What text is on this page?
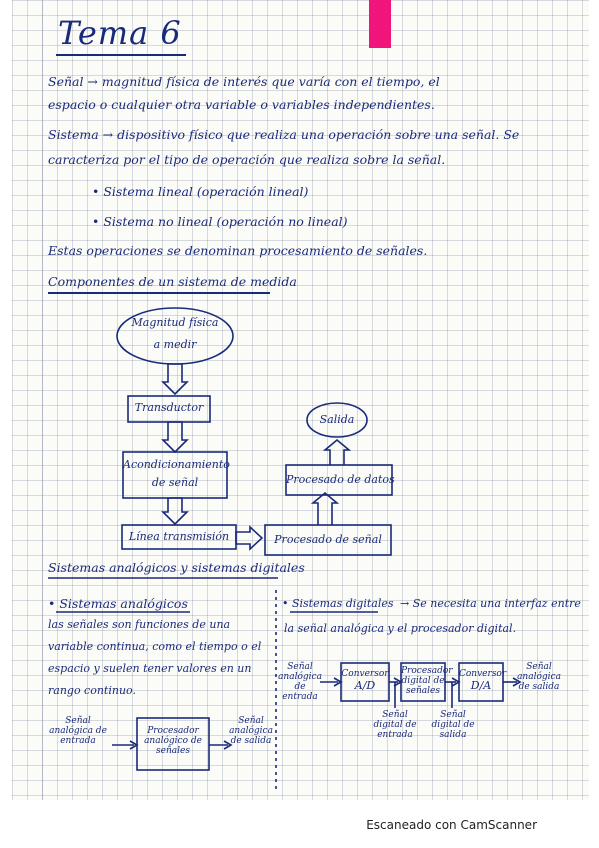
Tema 6
Señal → magnitud física de interés que varía con el tiempo, el
espacio o cualquier otra variable o variables independientes.
Sistema → dispositivo físico que realiza una operación sobre una señal. Se
caracteriza por el tipo de operación que realiza sobre la señal.
• Sistema lineal (operación lineal)
• Sistema no lineal (operación no lineal)
Estas operaciones se denominan procesamiento de señales.
Componentes de un sistema de medida
Magnitud física
a medir
Transductor
Acondicionamiento
de señal
Línea transmisión	Procesado de señal
Procesado de datos
Salida
Sistemas analógicos y sistemas digitales
• Sistemas analógicos
las señales son funciones de una
variable continua, como el tiempo o el
espacio y suelen tener valores en un
rango continuo.
• Sistemas digitales → Se necesita una interfaz entre
la señal analógica y el procesador digital.
Señal
analógica de
entrada
Procesador
analógico de
señales
Señal
analógica
de salida
Señal
analógica
de entrada
Conversor
A/D
Procesador
digital de
señales
Conversor
D/A
Señal
analógica
de salida
Señal
digital de
entrada
Señal
digital de
salida
Escaneado con CamScanner
